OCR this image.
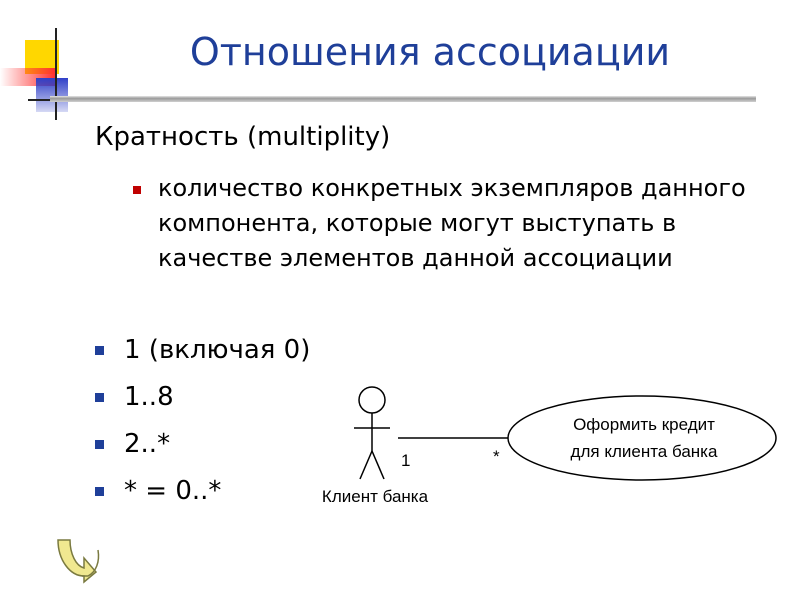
Отношения ассоциации
Кратность (multiplity)
количество конкретных экземпляров данного компонента, которые могут выступать в качестве элементов данной ассоциации
1 (включая 0)
1..8
2..*
* = 0..*
Оформить кредит
для клиента банка
1	*
Клиент банка
